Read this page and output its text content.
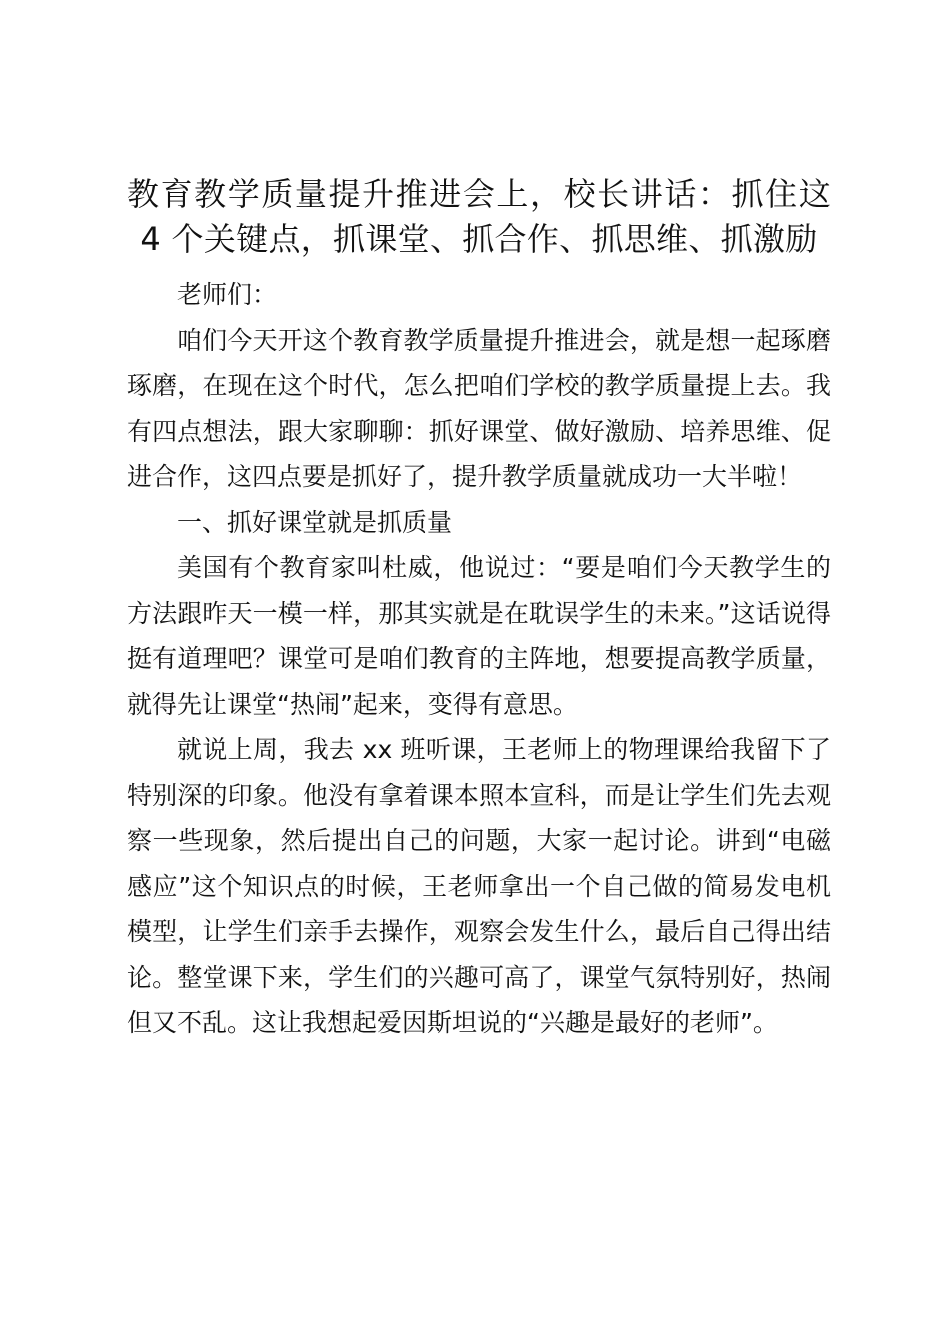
教育教学质量提升推进会上，校长讲话：抓住这 4 个关键点，抓课堂、抓合作、抓思维、抓激励

老师们：

咱们今天开这个教育教学质量提升推进会，就是想一起琢磨琢磨，在现在这个时代，怎么把咱们学校的教学质量提上去。我有四点想法，跟大家聊聊：抓好课堂、做好激励、培养思维、促进合作，这四点要是抓好了，提升教学质量就成功一大半啦！

一、抓好课堂就是抓质量

美国有个教育家叫杜威，他说过：“要是咱们今天教学生的方法跟昨天一模一样，那其实就是在耽误学生的未来。”这话说得挺有道理吧？课堂可是咱们教育的主阵地，想要提高教学质量，就得先让课堂“热闹”起来，变得有意思。

就说上周，我去 xx 班听课，王老师上的物理课给我留下了特别深的印象。他没有拿着课本照本宣科，而是让学生们先去观察一些现象，然后提出自己的问题，大家一起讨论。讲到“电磁感应”这个知识点的时候，王老师拿出一个自己做的简易发电机模型，让学生们亲手去操作，观察会发生什么，最后自己得出结论。整堂课下来，学生们的兴趣可高了，课堂气氛特别好，热闹但又不乱。这让我想起爱因斯坦说的“兴趣是最好的老师”。
